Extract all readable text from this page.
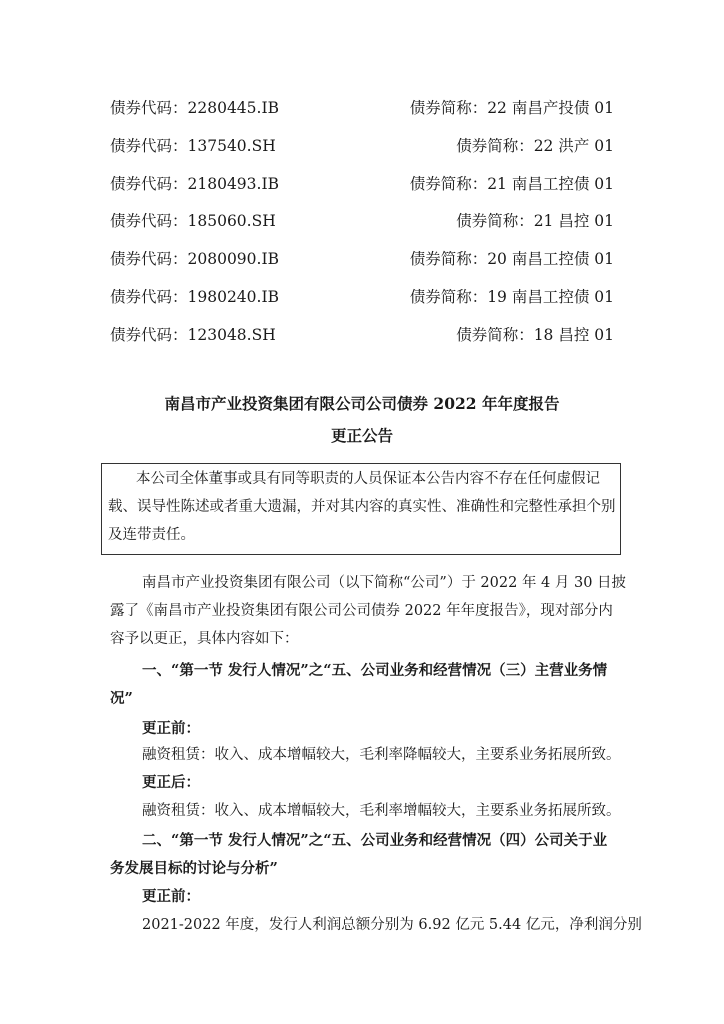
债券代码：2280445.IB	债券简称：22 南昌产投债 01
债券代码：137540.SH	债券简称：22 洪产 01
债券代码：2180493.IB	债券简称：21 南昌工控债 01
债券代码：185060.SH	债券简称：21 昌控 01
债券代码：2080090.IB	债券简称：20 南昌工控债 01
债券代码：1980240.IB	债券简称：19 南昌工控债 01
债券代码：123048.SH	债券简称：18 昌控 01
南昌市产业投资集团有限公司公司债券 2022 年年度报告
更正公告
本公司全体董事或具有同等职责的人员保证本公告内容不存在任何虚假记
载、误导性陈述或者重大遗漏，并对其内容的真实性、准确性和完整性承担个别
及连带责任。
南昌市产业投资集团有限公司（以下简称“公司”）于 2022 年 4 月 30 日披
露了《南昌市产业投资集团有限公司公司债券 2022 年年度报告》，现对部分内
容予以更正，具体内容如下：
一、“第一节 发行人情况”之“五、公司业务和经营情况（三）主营业务情
况”
更正前：
融资租赁：收入、成本增幅较大，毛利率降幅较大，主要系业务拓展所致。
更正后：
融资租赁：收入、成本增幅较大，毛利率增幅较大，主要系业务拓展所致。
二、“第一节 发行人情况”之“五、公司业务和经营情况（四）公司关于业
务发展目标的讨论与分析”
更正前：
2021-2022 年度，发行人利润总额分别为 6.92 亿元 5.44 亿元，净利润分别
